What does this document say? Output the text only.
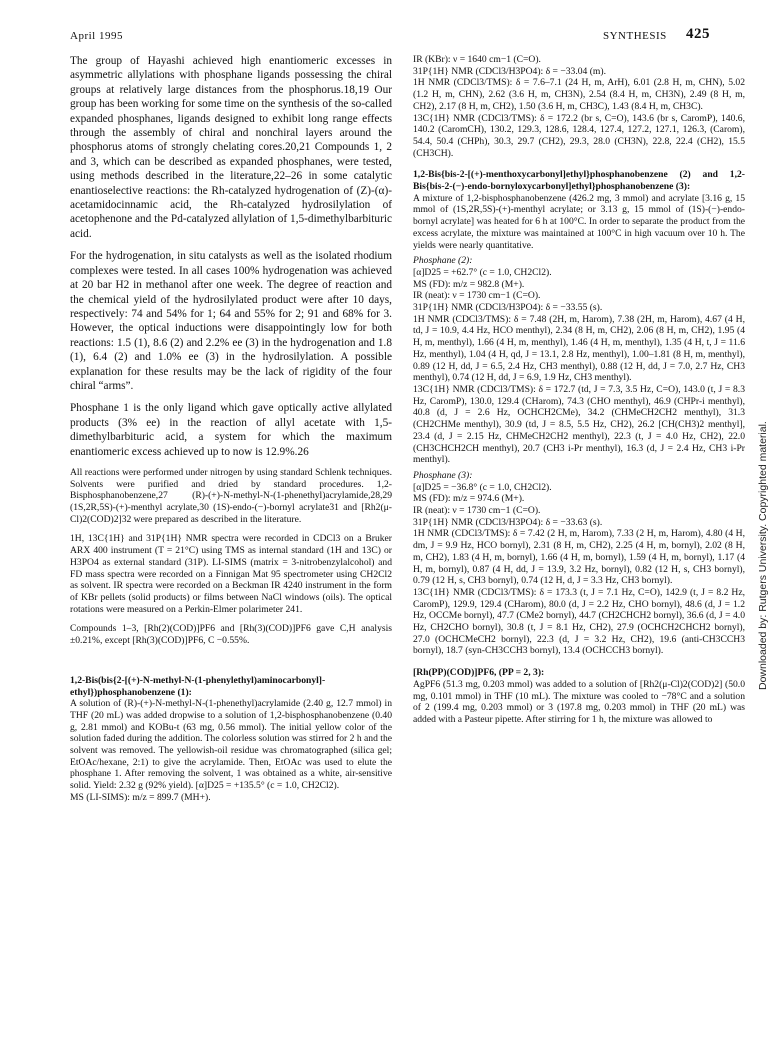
April 1995	SYNTHESIS 425

The group of Hayashi achieved high enantiomeric excesses in asymmetric allylations with phosphane ligands possessing the chiral groups at relatively large distances from the phosphorus.18,19 Our group has been working for some time on the synthesis of the so-called expanded phosphanes, ligands designed to exhibit long range effects through the assembly of chiral and nonchiral layers around the phosphorus atoms of strongly chelating cores.20,21 Compounds 1, 2 and 3, which can be described as expanded phosphanes, were tested, using methods described in the literature,22–26 in some catalytic enantioselective reactions: the Rh-catalyzed hydrogenation of (Z)-(α)-acetamidocinnamic acid, the Rh-catalyzed hydrosilylation of acetophenone and the Pd-catalyzed allylation of 1,5-dimethylbarbituric acid.

For the hydrogenation, in situ catalysts as well as the isolated rhodium complexes were tested. In all cases 100% hydrogenation was achieved at 20 bar H2 in methanol after one week. The degree of reaction and the chemical yield of the hydrosilylated product were after 10 days, respectively: 74 and 54% for 1; 64 and 55% for 2; 91 and 68% for 3. However, the optical inductions were disappointingly low for both reactions: 1.5 (1), 8.6 (2) and 2.2% ee (3) in the hydrogenation and 1.8 (1), 6.4 (2) and 1.0% ee (3) in the hydrosilylation. A possible explanation for these results may be the lack of rigidity of the four chiral “arms”.

Phosphane 1 is the only ligand which gave optically active allylated products (3% ee) in the reaction of allyl acetate with 1,5-dimethylbarbituric acid, a system for which the maximum enantiomeric excess achieved up to now is 12.9%.26

All reactions were performed under nitrogen by using standard Schlenk techniques. Solvents were purified and dried by standard procedures. 1,2-Bisphosphanobenzene,27 (R)-(+)-N-methyl-N-(1-phenethyl)acrylamide,28,29 (1S,2R,5S)-(+)-menthyl acrylate,30 (1S)-endo-(−)-bornyl acrylate31 and [Rh2(μ-Cl)2(COD)2]32 were prepared as described in the literature.

1H, 13C{1H} and 31P{1H} NMR spectra were recorded in CDCl3 on a Bruker ARX 400 instrument (T = 21°C) using TMS as internal standard (1H and 13C) or H3PO4 as external standard (31P). LI-SIMS (matrix = 3-nitrobenzylalcohol) and FD mass spectra were recorded on a Finnigan Mat 95 spectrometer using CH2Cl2 as solvent. IR spectra were recorded on a Beckman IR 4240 instrument in the form of KBr pellets (solid products) or films between NaCl windows (oils). The optical rotations were measured on a Perkin-Elmer polarimeter 241.

Compounds 1–3, [Rh(2)(COD)]PF6 and [Rh(3)(COD)]PF6 gave C,H analysis ±0.21%, except [Rh(3)(COD)]PF6, C −0.55%.

1,2-Bis(bis{2-[(+)-N-methyl-N-(1-phenylethyl)aminocarbonyl]-ethyl})phosphanobenzene (1):

A solution of (R)-(+)-N-methyl-N-(1-phenethyl)acrylamide (2.40 g, 12.7 mmol) in THF (20 mL) was added dropwise to a solution of 1,2-bisphosphanobenzene (0.40 g, 2.81 mmol) and KOBu-t (63 mg, 0.56 mmol). The initial yellow color of the solution faded during the addition. The colorless solution was stirred for 2 h and the solvent was removed. The yellowish-oil residue was chromatographed (silica gel; EtOAc/hexane, 2:1) to give the acrylamide. Then, EtOAc was used to elute the phosphane 1. After removing the solvent, 1 was obtained as a white, air-sensitive solid. Yield: 2.32 g (92% yield). [α]D25 = +135.5° (c = 1.0, CH2Cl2).

MS (LI-SIMS): m/z = 899.7 (MH+).

IR (KBr): ν = 1640 cm−1 (C=O).

31P{1H} NMR (CDCl3/H3PO4): δ = −33.04 (m).

1H NMR (CDCl3/TMS): δ = 7.6–7.1 (24 H, m, ArH), 6.01 (2.8 H, m, CHN), 5.02 (1.2 H, m, CHN), 2.62 (3.6 H, m, CH3N), 2.54 (8.4 H, m, CH3N), 2.49 (8 H, m, CH2), 2.17 (8 H, m, CH2), 1.50 (3.6 H, m, CH3C), 1.43 (8.4 H, m, CH3C).

13C{1H} NMR (CDCl3/TMS): δ = 172.2 (br s, C=O), 143.6 (br s, CaromP), 140.6, 140.2 (CaromCH), 130.2, 129.3, 128.6, 128.4, 127.4, 127.2, 127.1, 126.3, (Carom), 54.4, 50.4 (CHPh), 30.3, 29.7 (CH2), 29.3, 28.0 (CH3N), 22.8, 22.4 (CH2), 15.5 (CH3CH).

1,2-Bis{bis-2-[(+)-menthoxycarbonyl]ethyl}phosphanobenzene (2) and 1,2-Bis{bis-2-(−)-endo-bornyloxycarbonyl]ethyl}phosphanobenzene (3):

A mixture of 1,2-bisphosphanobenzene (426.2 mg, 3 mmol) and acrylate [3.16 g, 15 mmol of (1S,2R,5S)-(+)-menthyl acrylate; or 3.13 g, 15 mmol of (1S)-(−)-endo-bornyl acrylate] was heated for 6 h at 100°C. In order to separate the product from the excess acrylate, the mixture was maintained at 100°C in high vacuum over 10 h. The yields were nearly quantitative.

Phosphane (2):

[α]D25 = +62.7° (c = 1.0, CH2Cl2).

MS (FD): m/z = 982.8 (M+).

IR (neat): ν = 1730 cm−1 (C=O).

31P{1H} NMR (CDCl3/H3PO4): δ = −33.55 (s).

1H NMR (CDCl3/TMS): δ = 7.48 (2H, m, Harom), 7.38 (2H, m, Harom), 4.67 (4 H, td, J = 10.9, 4.4 Hz, HCO menthyl), 2.34 (8 H, m, CH2), 2.06 (8 H, m, CH2), 1.95 (4 H, m, menthyl), 1.66 (4 H, m, menthyl), 1.46 (4 H, m, menthyl), 1.35 (4 H, t, J = 11.6 Hz, menthyl), 1.04 (4 H, qd, J = 13.1, 2.8 Hz, menthyl), 1.00–1.81 (8 H, m, menthyl), 0.89 (12 H, dd, J = 6.5, 2.4 Hz, CH3 menthyl), 0.88 (12 H, dd, J = 7.0, 2.7 Hz, CH3 menthyl), 0.74 (12 H, dd, J = 6.9, 1.9 Hz, CH3 menthyl).

13C{1H} NMR (CDCl3/TMS): δ = 172.7 (td, J = 7.3, 3.5 Hz, C=O), 143.0 (t, J = 8.3 Hz, CaromP), 130.0, 129.4 (CHarom), 74.3 (CHO menthyl), 46.9 (CHPr-i menthyl), 40.8 (d, J = 2.6 Hz, OCHCH2CMe), 34.2 (CHMeCH2CH2 menthyl), 31.3 (CH2CHMe menthyl), 30.9 (td, J = 8.5, 5.5 Hz, CH2), 26.2 [CH(CH3)2 menthyl], 23.4 (d, J = 2.15 Hz, CHMeCH2CH2 menthyl), 22.3 (t, J = 4.0 Hz, CH2), 22.0 (CH3CHCH2CH menthyl), 20.7 (CH3 i-Pr menthyl), 16.3 (d, J = 2.4 Hz, CH3 i-Pr menthyl).

Phosphane (3):

[α]D25 = −36.8° (c = 1.0, CH2Cl2).

MS (FD): m/z = 974.6 (M+).

IR (neat): ν = 1730 cm−1 (C=O).

31P{1H} NMR (CDCl3/H3PO4): δ = −33.63 (s).

1H NMR (CDCl3/TMS): δ = 7.42 (2 H, m, Harom), 7.33 (2 H, m, Harom), 4.80 (4 H, dm, J = 9.9 Hz, HCO bornyl), 2.31 (8 H, m, CH2), 2.25 (4 H, m, bornyl), 2.02 (8 H, m, CH2), 1.83 (4 H, m, bornyl), 1.66 (4 H, m, bornyl), 1.59 (4 H, m, bornyl), 1.17 (4 H, m, bornyl), 0.87 (4 H, dd, J = 13.9, 3.2 Hz, bornyl), 0.82 (12 H, s, CH3 bornyl), 0.79 (12 H, s, CH3 bornyl), 0.74 (12 H, d, J = 3.3 Hz, CH3 bornyl).

13C{1H} NMR (CDCl3/TMS): δ = 173.3 (t, J = 7.1 Hz, C=O), 142.9 (t, J = 8.2 Hz, CaromP), 129.9, 129.4 (CHarom), 80.0 (d, J = 2.2 Hz, CHO bornyl), 48.6 (d, J = 1.2 Hz, OCCMe bornyl), 47.7 (CMe2 bornyl), 44.7 (CH2CHCH2 bornyl), 36.6 (d, J = 4.0 Hz, CH2CHO bornyl), 30.8 (t, J = 8.1 Hz, CH2), 27.9 (OCHCH2CHCH2 bornyl), 27.0 (OCHCMeCH2 bornyl), 22.3 (d, J = 3.2 Hz, CH2), 19.6 (anti-CH3CCH3 bornyl), 18.7 (syn-CH3CCH3 bornyl), 13.4 (OCHCCH3 bornyl).

[Rh(PP)(COD)]PF6, (PP = 2, 3):

AgPF6 (51.3 mg, 0.203 mmol) was added to a solution of [Rh2(μ-Cl)2(COD)2] (50.0 mg, 0.101 mmol) in THF (10 mL). The mixture was cooled to −78°C and a solution of 2 (199.4 mg, 0.203 mmol) or 3 (197.8 mg, 0.203 mmol) in THF (20 mL) was added with a Pasteur pipette. After stirring for 1 h, the mixture was allowed to

Downloaded by: Rutgers University. Copyrighted material.
